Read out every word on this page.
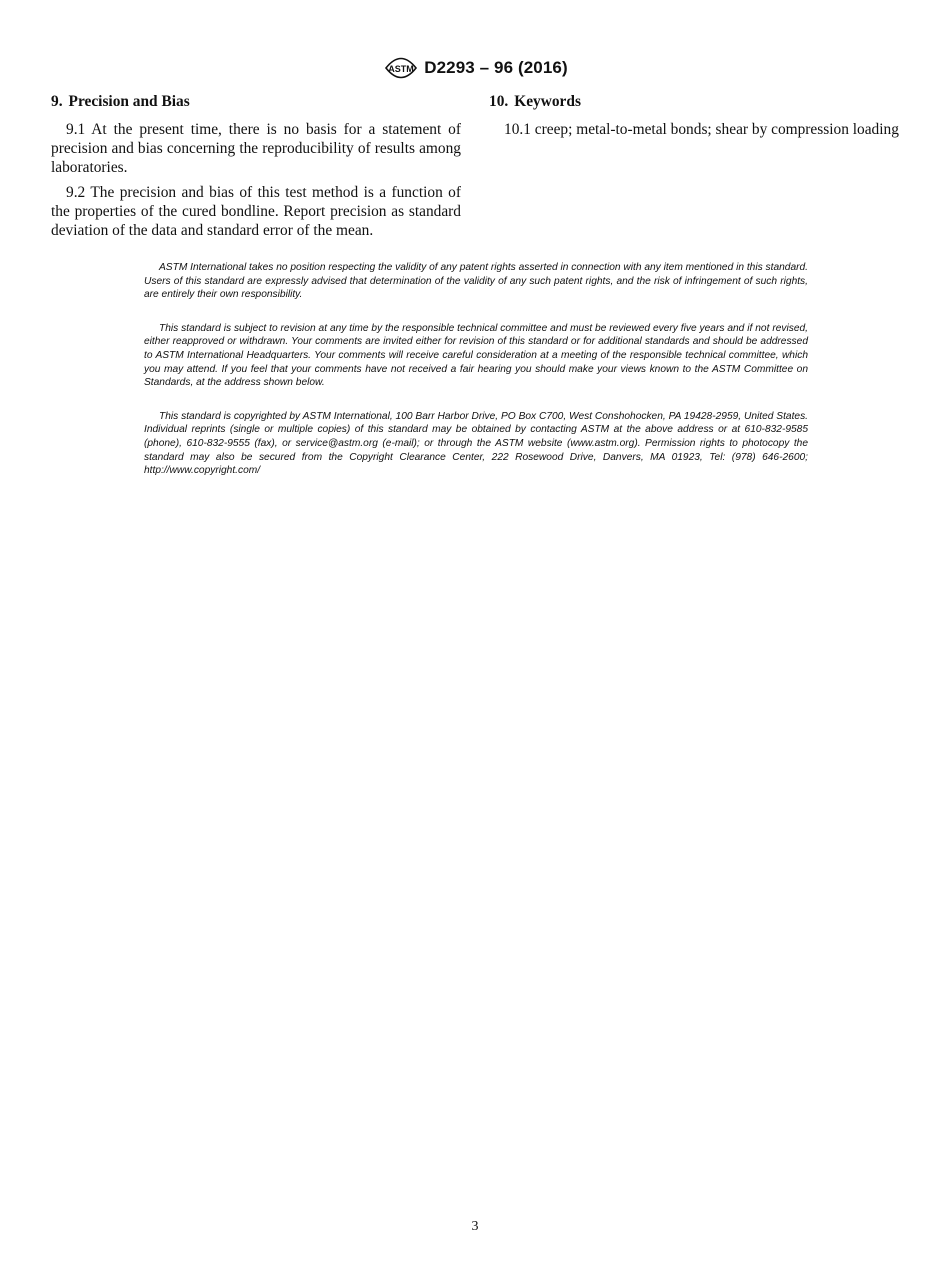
ASTM D2293 – 96 (2016)
9. Precision and Bias

9.1 At the present time, there is no basis for a statement of precision and bias concerning the reproducibility of results among laboratories.

9.2 The precision and bias of this test method is a function of the properties of the cured bondline. Report precision as standard deviation of the data and standard error of the mean.

10. Keywords

10.1 creep; metal-to-metal bonds; shear by compression loading

ASTM International takes no position respecting the validity of any patent rights asserted in connection with any item mentioned in this standard. Users of this standard are expressly advised that determination of the validity of any such patent rights, and the risk of infringement of such rights, are entirely their own responsibility.

This standard is subject to revision at any time by the responsible technical committee and must be reviewed every five years and if not revised, either reapproved or withdrawn. Your comments are invited either for revision of this standard or for additional standards and should be addressed to ASTM International Headquarters. Your comments will receive careful consideration at a meeting of the responsible technical committee, which you may attend. If you feel that your comments have not received a fair hearing you should make your views known to the ASTM Committee on Standards, at the address shown below.

This standard is copyrighted by ASTM International, 100 Barr Harbor Drive, PO Box C700, West Conshohocken, PA 19428-2959, United States. Individual reprints (single or multiple copies) of this standard may be obtained by contacting ASTM at the above address or at 610-832-9585 (phone), 610-832-9555 (fax), or service@astm.org (e-mail); or through the ASTM website (www.astm.org). Permission rights to photocopy the standard may also be secured from the Copyright Clearance Center, 222 Rosewood Drive, Danvers, MA 01923, Tel: (978) 646-2600; http://www.copyright.com/

3
